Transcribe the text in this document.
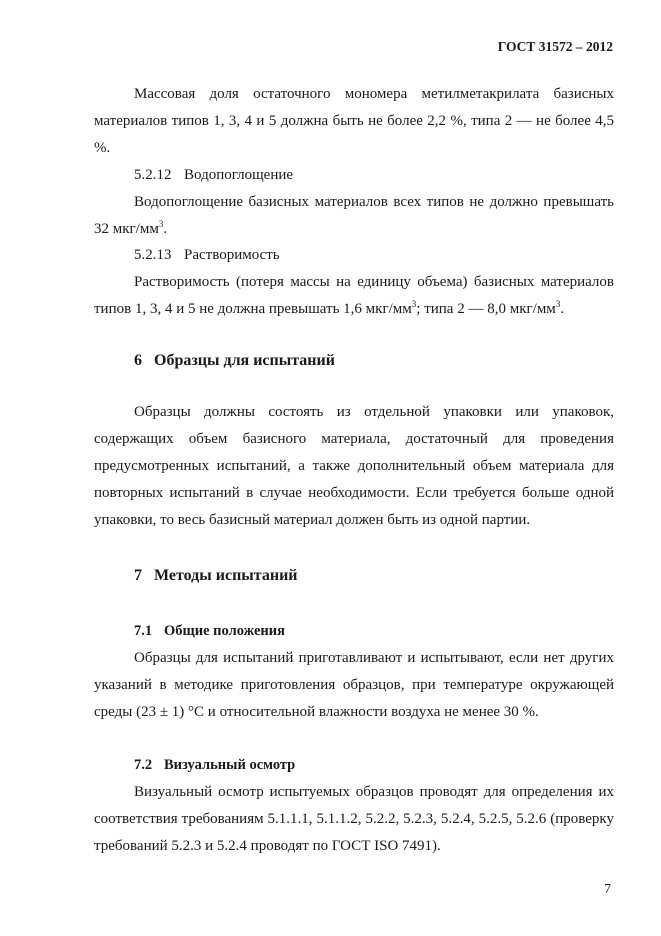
ГОСТ 31572 – 2012

Массовая доля остаточного мономера метилметакрилата базисных материалов типов 1, 3, 4 и 5 должна быть не более 2,2 %, типа 2 — не более 4,5 %.

5.2.12 Водопоглощение

Водопоглощение базисных материалов всех типов не должно превышать 32 мкг/$мм^3$.

5.2.13 Растворимость

Растворимость (потеря массы на единицу объема) базисных материалов типов 1, 3, 4 и 5 не должна превышать 1,6 мкг/$мм^3$; типа 2 — 8,0 мкг/$мм^3$.

6 Образцы для испытаний

Образцы должны состоять из отдельной упаковки или упаковок, содержащих объем базисного материала, достаточный для проведения предусмотренных испытаний, а также дополнительный объем материала для повторных испытаний в случае необходимости. Если требуется больше одной упаковки, то весь базисный материал должен быть из одной партии.

7 Методы испытаний

7.1 Общие положения

Образцы для испытаний приготавливают и испытывают, если нет других указаний в методике приготовления образцов, при температуре окружающей среды (23 ± 1) °С и относительной влажности воздуха не менее 30 %.

7.2 Визуальный осмотр

Визуальный осмотр испытуемых образцов проводят для определения их соответствия требованиям 5.1.1.1, 5.1.1.2, 5.2.2, 5.2.3, 5.2.4, 5.2.5, 5.2.6 (проверку требований 5.2.3 и 5.2.4 проводят по ГОСТ ISO 7491).

7
